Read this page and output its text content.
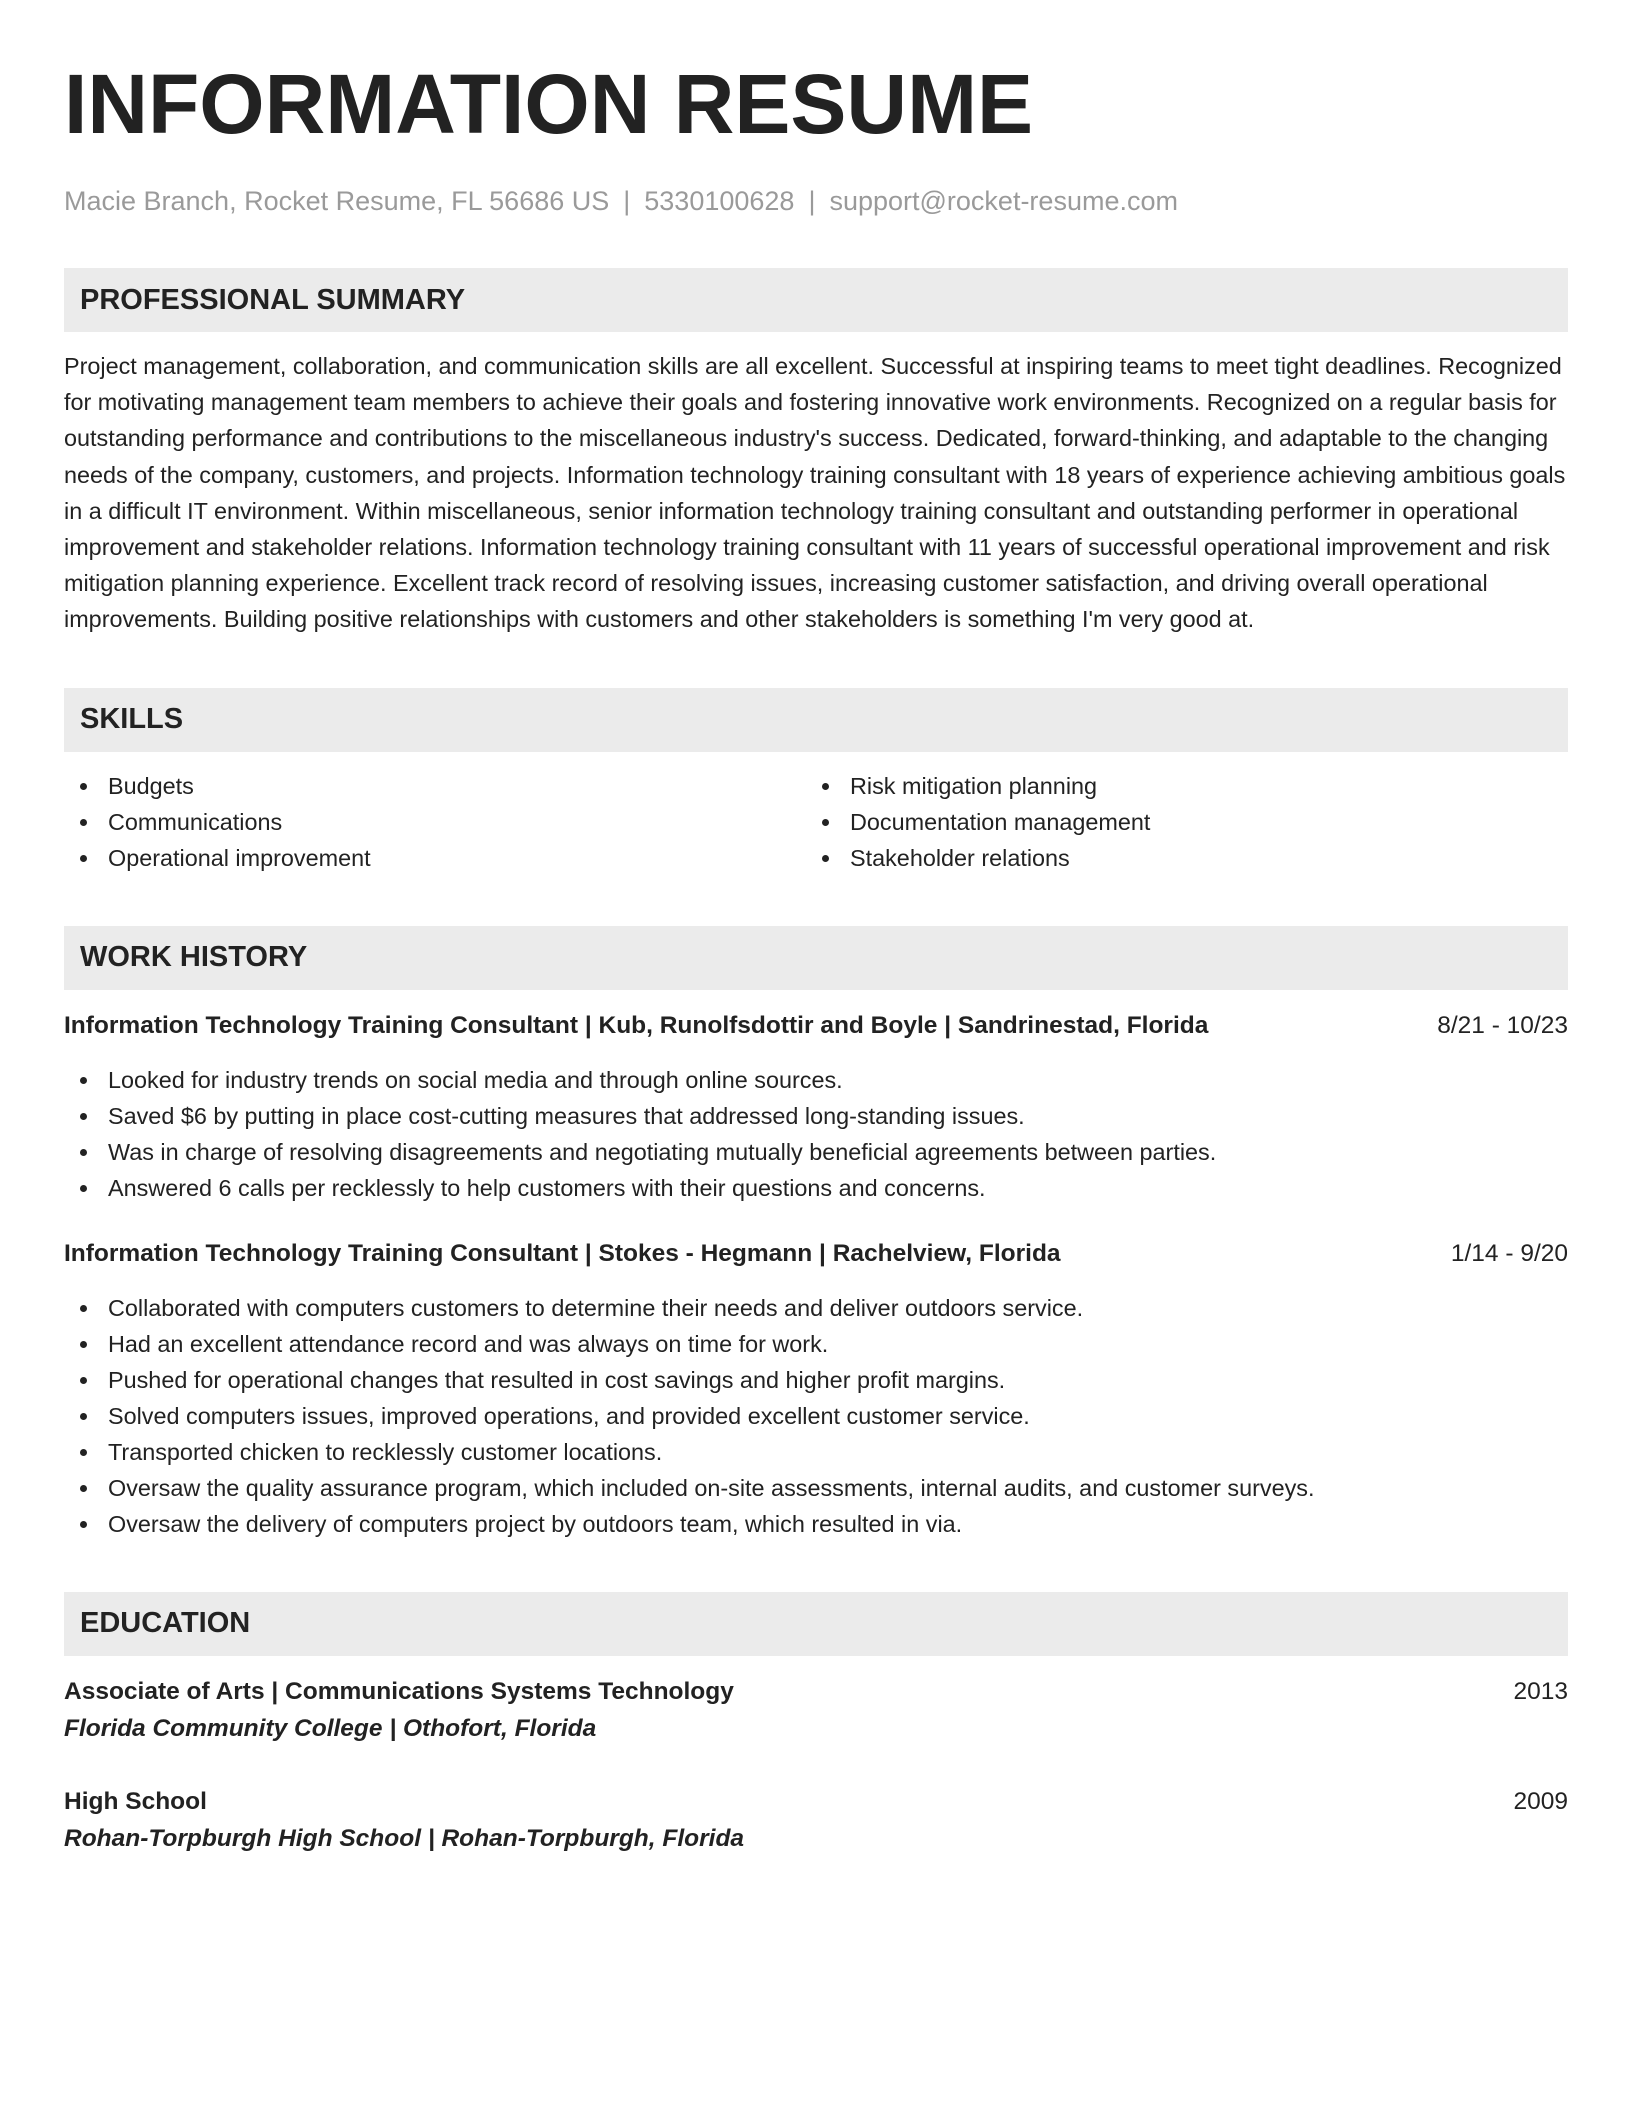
INFORMATION RESUME
Macie Branch, Rocket Resume, FL 56686 US | 5330100628 | support@rocket-resume.com
PROFESSIONAL SUMMARY
Project management, collaboration, and communication skills are all excellent. Successful at inspiring teams to meet tight deadlines. Recognized for motivating management team members to achieve their goals and fostering innovative work environments. Recognized on a regular basis for outstanding performance and contributions to the miscellaneous industry's success. Dedicated, forward-thinking, and adaptable to the changing needs of the company, customers, and projects. Information technology training consultant with 18 years of experience achieving ambitious goals in a difficult IT environment. Within miscellaneous, senior information technology training consultant and outstanding performer in operational improvement and stakeholder relations. Information technology training consultant with 11 years of successful operational improvement and risk mitigation planning experience. Excellent track record of resolving issues, increasing customer satisfaction, and driving overall operational improvements. Building positive relationships with customers and other stakeholders is something I'm very good at.
SKILLS
Budgets
Communications
Operational improvement
Risk mitigation planning
Documentation management
Stakeholder relations
WORK HISTORY
Information Technology Training Consultant | Kub, Runolfsdottir and Boyle | Sandrinestad, Florida	8/21 - 10/23
Looked for industry trends on social media and through online sources.
Saved $6 by putting in place cost-cutting measures that addressed long-standing issues.
Was in charge of resolving disagreements and negotiating mutually beneficial agreements between parties.
Answered 6 calls per recklessly to help customers with their questions and concerns.
Information Technology Training Consultant | Stokes - Hegmann | Rachelview, Florida	1/14 - 9/20
Collaborated with computers customers to determine their needs and deliver outdoors service.
Had an excellent attendance record and was always on time for work.
Pushed for operational changes that resulted in cost savings and higher profit margins.
Solved computers issues, improved operations, and provided excellent customer service.
Transported chicken to recklessly customer locations.
Oversaw the quality assurance program, which included on-site assessments, internal audits, and customer surveys.
Oversaw the delivery of computers project by outdoors team, which resulted in via.
EDUCATION
Associate of Arts | Communications Systems Technology	2013
Florida Community College | Othofort, Florida
High School	2009
Rohan-Torpburgh High School | Rohan-Torpburgh, Florida
